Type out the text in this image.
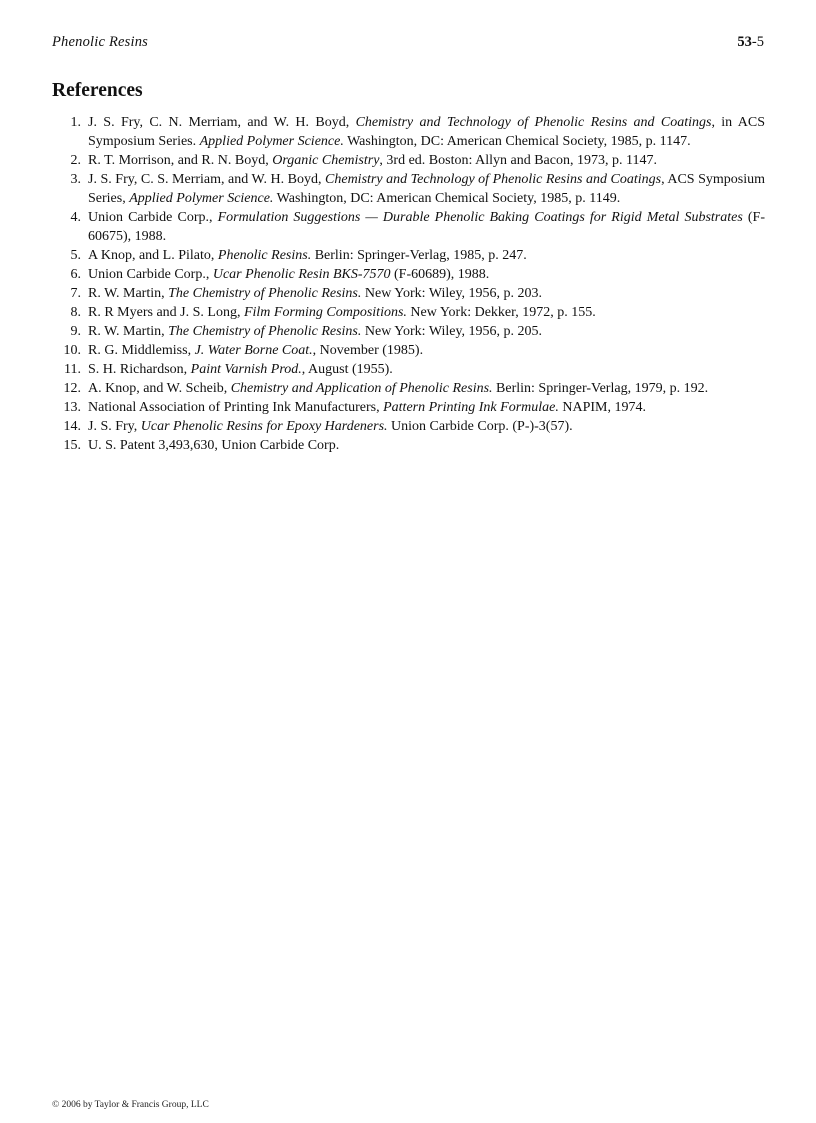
Phenolic Resins	53-5
References
1. J. S. Fry, C. N. Merriam, and W. H. Boyd, Chemistry and Technology of Phenolic Resins and Coatings, in ACS Symposium Series. Applied Polymer Science. Washington, DC: American Chemical Society, 1985, p. 1147.
2. R. T. Morrison, and R. N. Boyd, Organic Chemistry, 3rd ed. Boston: Allyn and Bacon, 1973, p. 1147.
3. J. S. Fry, C. S. Merriam, and W. H. Boyd, Chemistry and Technology of Phenolic Resins and Coatings, ACS Symposium Series, Applied Polymer Science. Washington, DC: American Chemical Society, 1985, p. 1149.
4. Union Carbide Corp., Formulation Suggestions — Durable Phenolic Baking Coatings for Rigid Metal Substrates (F-60675), 1988.
5. A Knop, and L. Pilato, Phenolic Resins. Berlin: Springer-Verlag, 1985, p. 247.
6. Union Carbide Corp., Ucar Phenolic Resin BKS-7570 (F-60689), 1988.
7. R. W. Martin, The Chemistry of Phenolic Resins. New York: Wiley, 1956, p. 203.
8. R. R Myers and J. S. Long, Film Forming Compositions. New York: Dekker, 1972, p. 155.
9. R. W. Martin, The Chemistry of Phenolic Resins. New York: Wiley, 1956, p. 205.
10. R. G. Middlemiss, J. Water Borne Coat., November (1985).
11. S. H. Richardson, Paint Varnish Prod., August (1955).
12. A. Knop, and W. Scheib, Chemistry and Application of Phenolic Resins. Berlin: Springer-Verlag, 1979, p. 192.
13. National Association of Printing Ink Manufacturers, Pattern Printing Ink Formulae. NAPIM, 1974.
14. J. S. Fry, Ucar Phenolic Resins for Epoxy Hardeners. Union Carbide Corp. (P-)-3(57).
15. U. S. Patent 3,493,630, Union Carbide Corp.
© 2006 by Taylor & Francis Group, LLC
